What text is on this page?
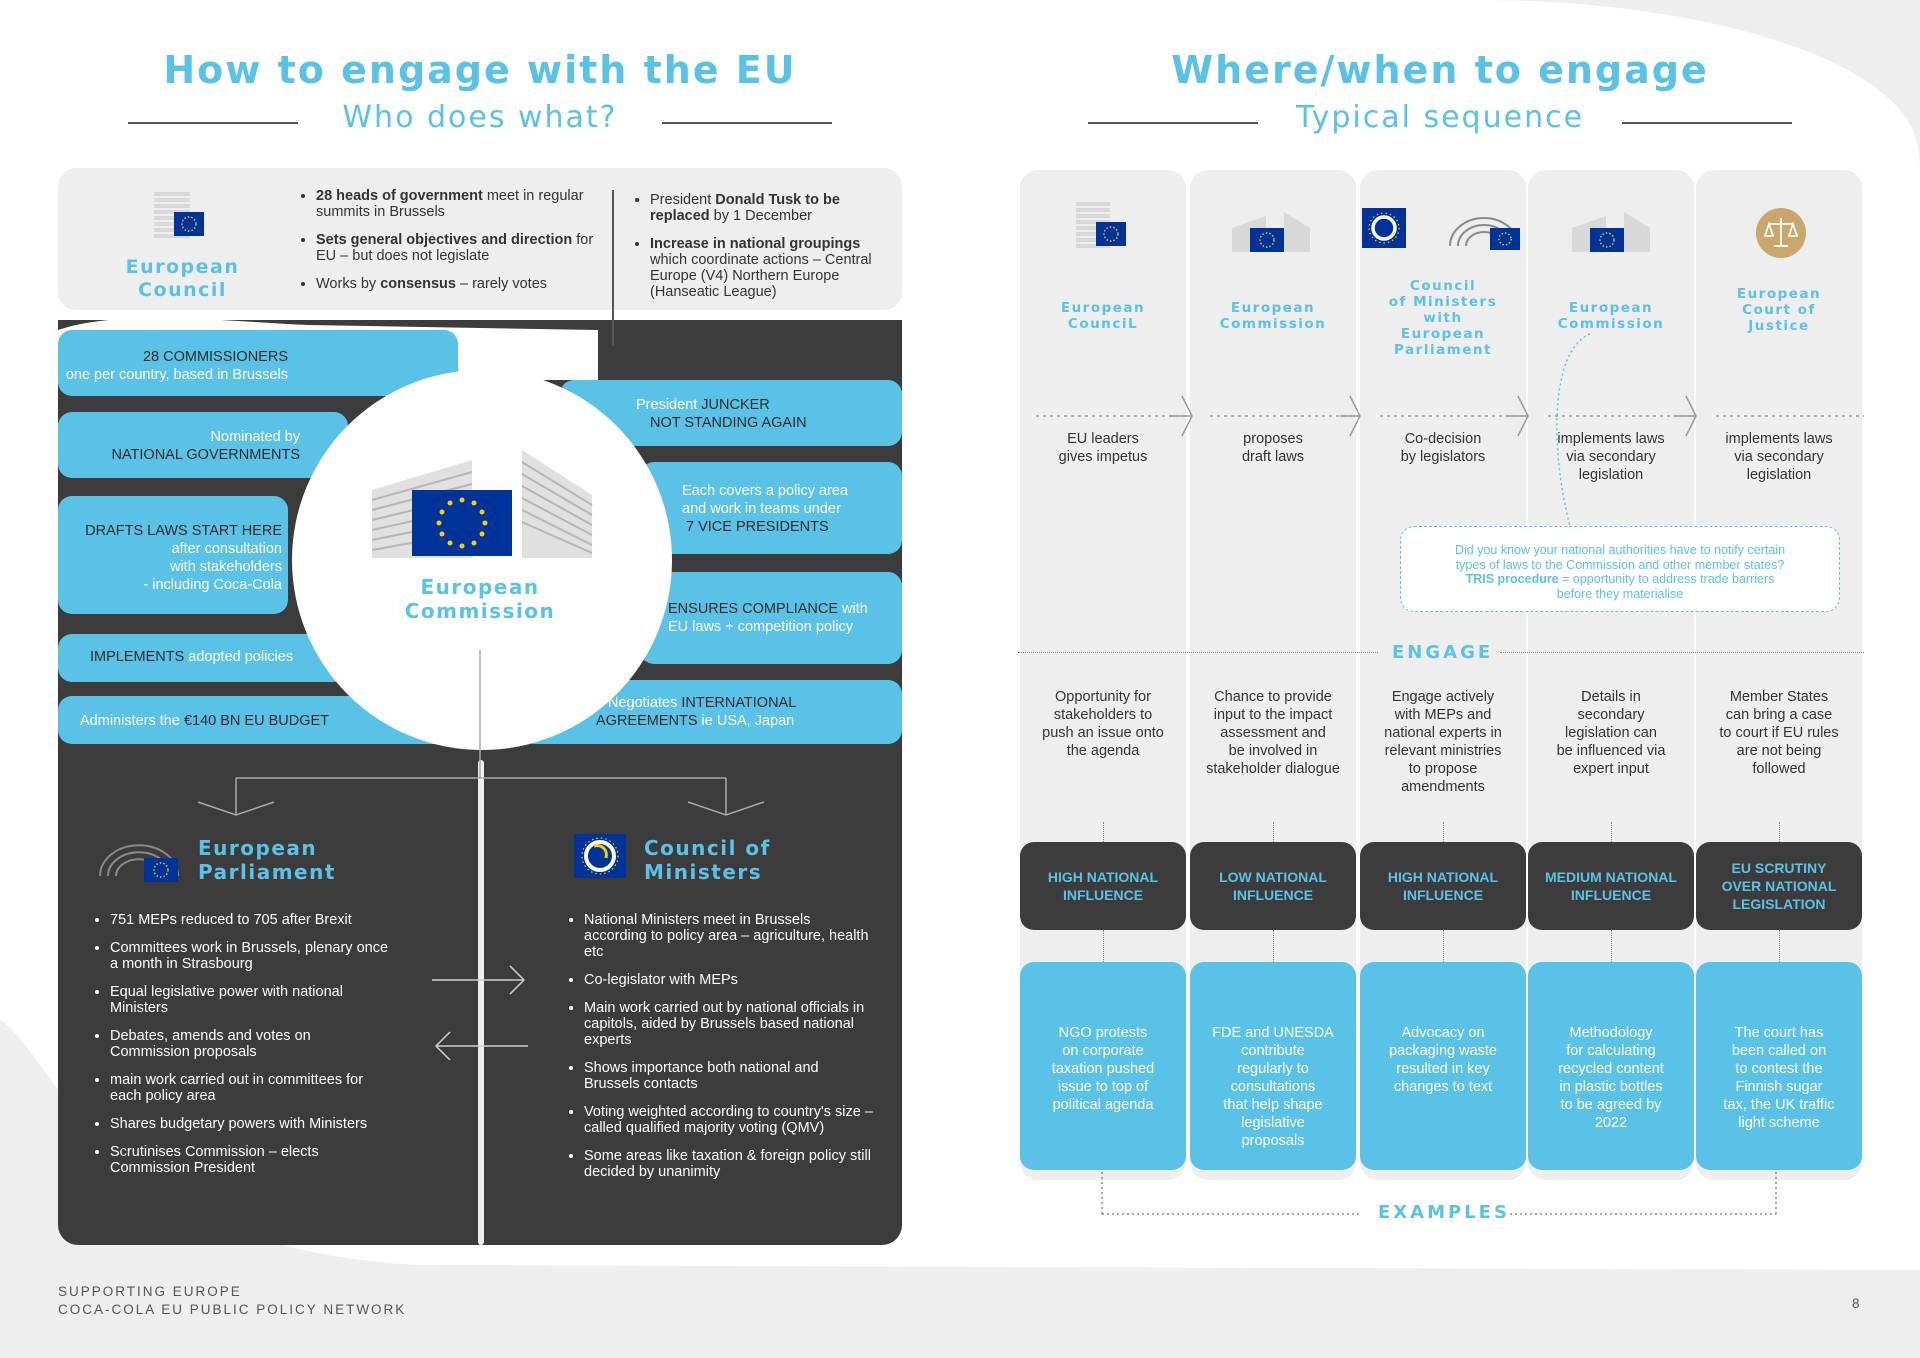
How to engage with the EU
Who does what?
Where/when to engage
Typical sequence
European
Council
• 28 heads of government meet in regular summits in Brussels
• Sets general objectives and direction for EU – but does not legislate
• Works by consensus – rarely votes
• President Donald Tusk to be replaced by 1 December
• Increase in national groupings which coordinate actions – Central Europe (V4) Northern Europe (Hanseatic League)
28 COMMISSIONERS
one per country, based in Brussels
Nominated by
NATIONAL GOVERNMENTS
DRAFTS LAWS START HERE
after consultation
with stakeholders
- including Coca-Cola
IMPLEMENTS adopted policies
Administers the €140 BN EU BUDGET
President JUNCKER
NOT STANDING AGAIN
Each covers a policy area
and work in teams under
7 VICE PRESIDENTS
ENSURES COMPLIANCE with
EU laws + competition policy
Negotiates INTERNATIONAL
AGREEMENTS ie USA, Japan
European
Commission
European
Parliament
• 751 MEPs reduced to 705 after Brexit
• Committees work in Brussels, plenary once a month in Strasbourg
• Equal legislative power with national Ministers
• Debates, amends and votes on Commission proposals
• main work carried out in committees for each policy area
• Shares budgetary powers with Ministers
• Scrutinises Commission – elects Commission President
Council of
Ministers
• National Ministers meet in Brussels according to policy area – agriculture, health etc
• Co-legislator with MEPs
• Main work carried out by national officials in capitols, aided by Brussels based national experts
• Shows importance both national and Brussels contacts
• Voting weighted according to country's size – called qualified majority voting (QMV)
• Some areas like taxation & foreign policy still decided by unanimity
European
CounciL
EU leaders
gives impetus
Opportunity for
stakeholders to
push an issue onto
the agenda
HIGH NATIONAL
INFLUENCE
NGO protests
on corporate
taxation pushed
issue to top of
political agenda
European
Commission
proposes
draft laws
Chance to provide
input to the impact
assessment and
be involved in
stakeholder dialogue
LOW NATIONAL
INFLUENCE
FDE and UNESDA
contribute
regularly to
consultations
that help shape
legislative
proposals
Council
of Ministers
with
European
Parliament
Co-decision
by legislators
Engage actively
with MEPs and
national experts in
relevant ministries
to propose
amendments
HIGH NATIONAL
INFLUENCE
Advocacy on
packaging waste
resulted in key
changes to text
European
Commission
implements laws
via secondary
legislation
Details in
secondary
legislation can
be influenced via
expert input
MEDIUM NATIONAL
INFLUENCE
Methodology
for calculating
recycled content
in plastic bottles
to be agreed by
2022
European
Court of
Justice
implements laws
via secondary
legislation
Member States
can bring a case
to court if EU rules
are not being
followed
EU SCRUTINY
OVER NATIONAL
LEGISLATION
The court has
been called on
to contest the
Finnish sugar
tax, the UK traffic
light scheme
Did you know your national authorities have to notify certain
types of laws to the Commission and other member states?
TRIS procedure = opportunity to address trade barriers
before they materialise
ENGAGE
EXAMPLES
SUPPORTING EUROPE
COCA-COLA EU PUBLIC POLICY NETWORK	8
